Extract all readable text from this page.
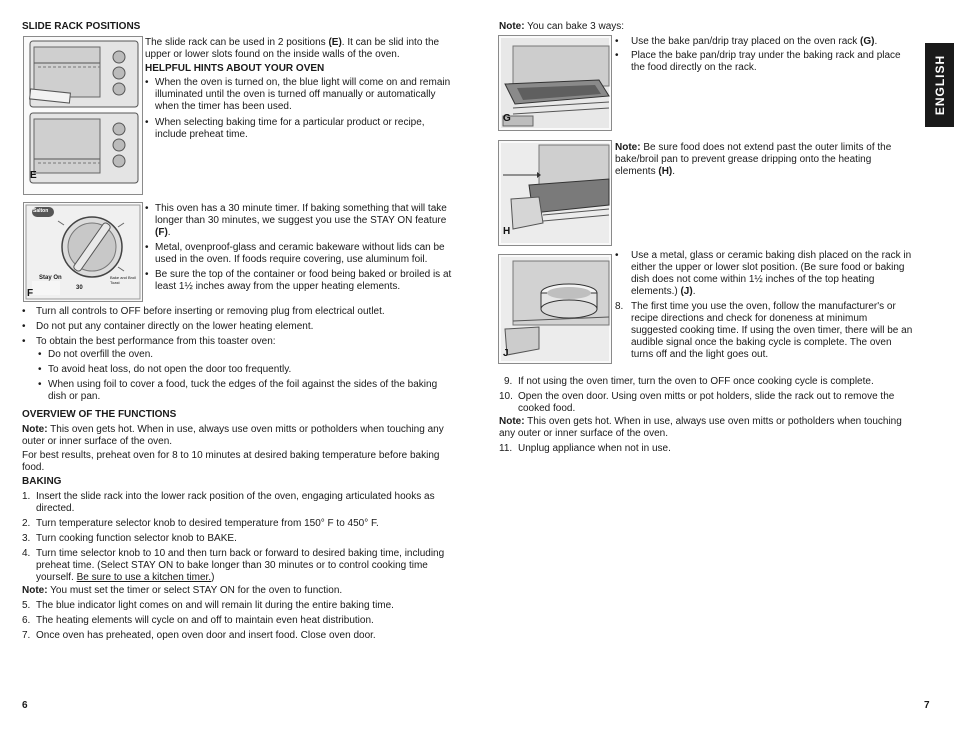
SLIDE RACK POSITIONS
E

The slide rack can be used in 2 positions (E). It can be slid into the upper or lower slots found on the inside walls of the oven.

HELPFUL HINTS ABOUT YOUR OVEN
• When the oven is turned on, the blue light will come on and remain illuminated until the oven is turned off manually or automatically when the timer has been used.
• When selecting baking time for a particular product or recipe, include preheat time.
Salton
Stay On
30
Bake and Broil Toast
F
• This oven has a 30 minute timer. If baking something that will take longer than 30 minutes, we suggest you use the STAY ON feature (F).
• Metal, ovenproof-glass and ceramic bakeware without lids can be used in the oven. If foods require covering, use aluminum foil.
• Be sure the top of the container or food being baked or broiled is at least 1½ inches away from the upper heating elements.
• Turn all controls to OFF before inserting or removing plug from electrical outlet.
• Do not put any container directly on the lower heating element.
• To obtain the best performance from this toaster oven:
• Do not overfill the oven.
• To avoid heat loss, do not open the door too frequently.
• When using foil to cover a food, tuck the edges of the foil against the sides of the baking dish or pan.
OVERVIEW OF THE FUNCTIONS

Note: This oven gets hot. When in use, always use oven mitts or potholders when touching any outer or inner surface of the oven.

For best results, preheat oven for 8 to 10 minutes at desired baking temperature before baking food.

BAKING
1. Insert the slide rack into the lower rack position of the oven, engaging articulated hooks as directed.
2. Turn temperature selector knob to desired temperature from 150° F to 450° F.
3. Turn cooking function selector knob to BAKE.
4. Turn time selector knob to 10 and then turn back or forward to desired baking time, including preheat time. (Select STAY ON to bake longer than 30 minutes or to control cooking time yourself. Be sure to use a kitchen timer.)

Note: You must set the timer or select STAY ON for the oven to function.

5. The blue indicator light comes on and will remain lit during the entire baking time.
6. The heating elements will cycle on and off to maintain even heat distribution.
7. Once oven has preheated, open oven door and insert food. Close oven door.
6

Note: You can bake 3 ways:

G
• Use the bake pan/drip tray placed on the oven rack (G).
• Place the bake pan/drip tray under the baking rack and place the food directly on the rack.
H

Note: Be sure food does not extend past the outer limits of the bake/broil pan to prevent grease dripping onto the heating elements (H).

J
• Use a metal, glass or ceramic baking dish placed on the rack in either the upper or lower slot position. (Be sure food or baking dish does not come within 1½ inches of the top heating elements.) (J).
8. The first time you use the oven, follow the manufacturer's or recipe directions and check for doneness at minimum suggested cooking time. If using the oven timer, there will be an audible signal once the baking cycle is complete. The oven turns off and the light goes out.
9. If not using the oven timer, turn the oven to OFF once cooking cycle is complete.
10. Open the oven door. Using oven mitts or pot holders, slide the rack out to remove the cooked food.

Note: This oven gets hot. When in use, always use oven mitts or potholders when touching any outer or inner surface of the oven.

11. Unplug appliance when not in use.
ENGLISH
7
